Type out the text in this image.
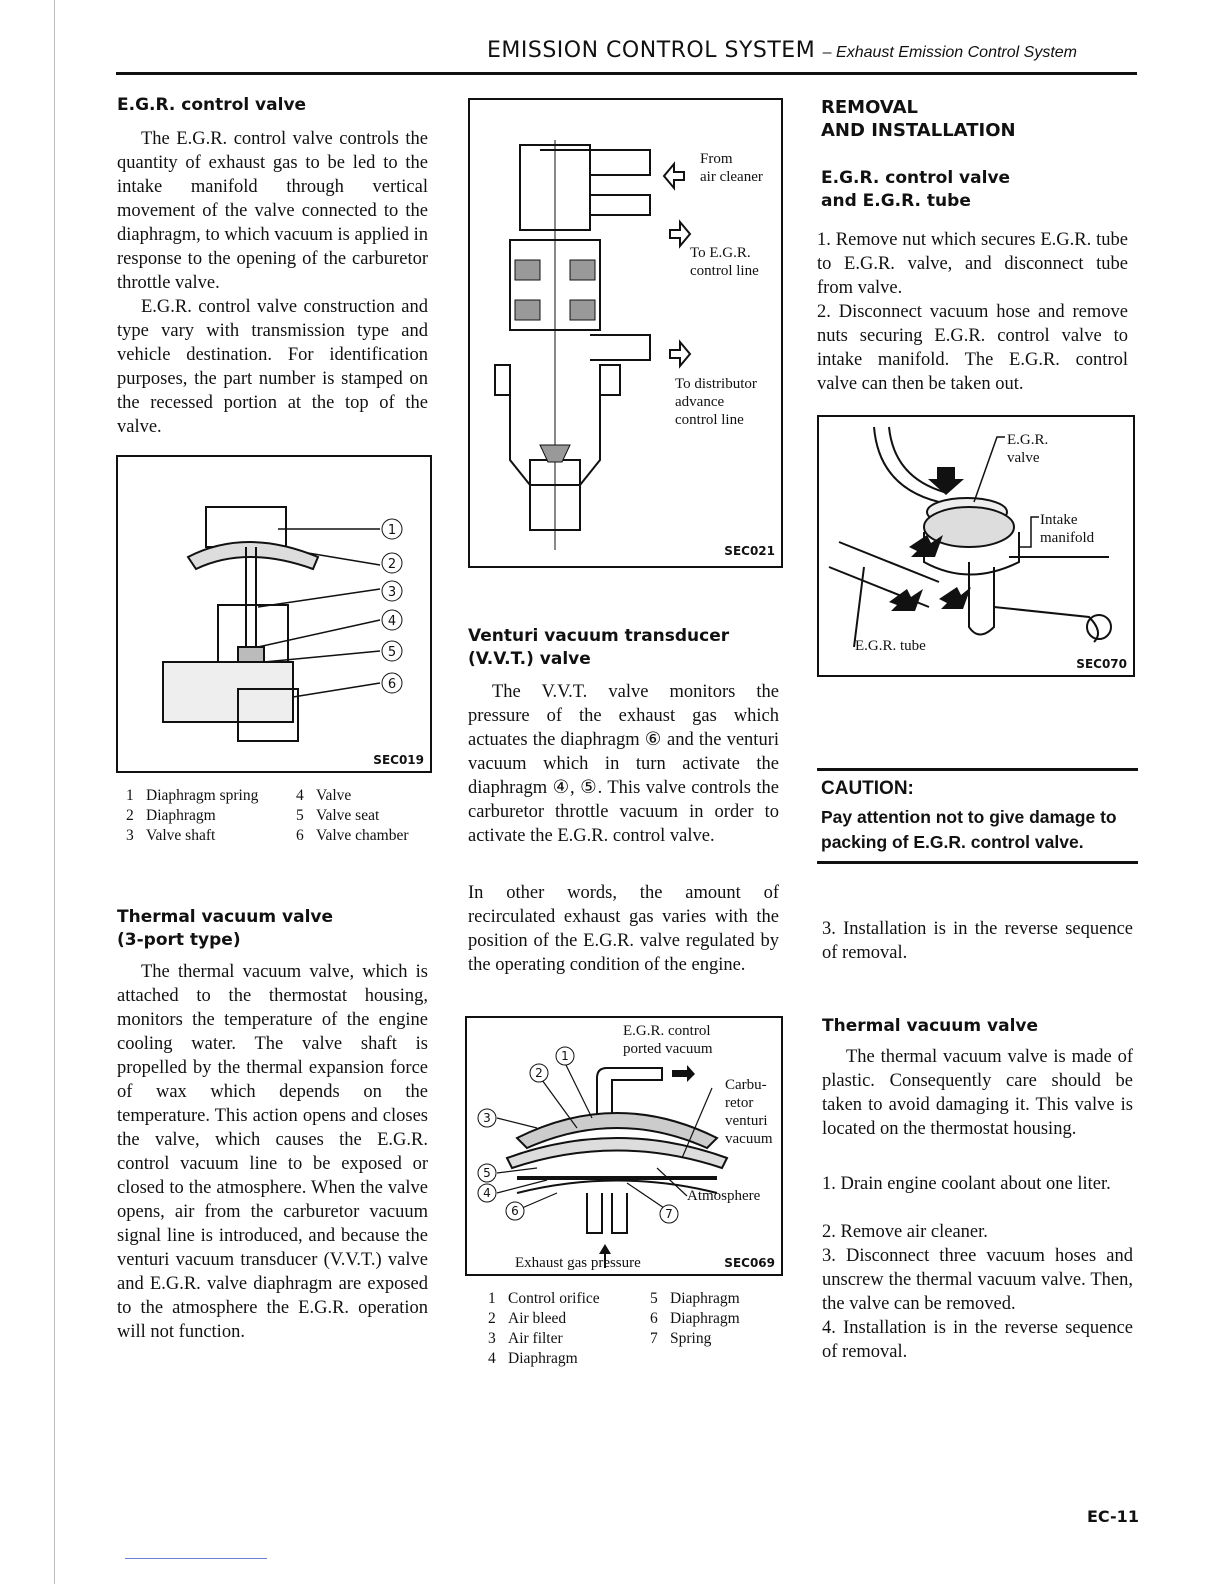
EMISSION CONTROL SYSTEM – Exhaust Emission Control System
E.G.R. control valve
The E.G.R. control valve controls the quantity of exhaust gas to be led to the intake manifold through vertical movement of the valve connected to the diaphragm, to which vacuum is applied in response to the opening of the carburetor throttle valve.
E.G.R. control valve construction and type vary with transmission type and vehicle destination. For identification purposes, the part number is stamped on the recessed portion at the top of the valve.
1
2
3
4
5
6
SEC019
1 Diaphragm spring	4 Valve
2 Diaphragm	5 Valve seat
3 Valve shaft	6 Valve chamber
Thermal vacuum valve
(3-port type)
The thermal vacuum valve, which is attached to the thermostat housing, monitors the temperature of the engine cooling water. The valve shaft is propelled by the thermal expansion force of wax which depends on the temperature. This action opens and closes the valve, which causes the E.G.R. control vacuum line to be exposed or closed to the atmosphere. When the valve opens, air from the carburetor vacuum signal line is introduced, and because the venturi vacuum transducer (V.V.T.) valve and E.G.R. valve diaphragm are exposed to the atmosphere the E.G.R. operation will not function.
From
air cleaner
To E.G.R.
control line
To distributor
advance
control line
SEC021
Venturi vacuum transducer
(V.V.T.) valve
The V.V.T. valve monitors the pressure of the exhaust gas which actuates the diaphragm ⑥ and the venturi vacuum which in turn activate the diaphragm ④, ⑤. This valve controls the carburetor throttle vacuum in order to activate the E.G.R. control valve.
In other words, the amount of recirculated exhaust gas varies with the position of the E.G.R. valve regulated by the operating condition of the engine.
1
2
3
4
5
6	7
E.G.R. control
ported vacuum
Carbu-
retor
venturi
vacuum
Atmosphere
Exhaust gas pressure	SEC069
1 Control orifice	5 Diaphragm
2 Air bleed	6 Diaphragm
3 Air filter	7 Spring
4 Diaphragm
REMOVAL
AND INSTALLATION
E.G.R. control valve
and E.G.R. tube
1. Remove nut which secures E.G.R. tube to E.G.R. valve, and disconnect tube from valve.
2. Disconnect vacuum hose and remove nuts securing E.G.R. control valve to intake manifold. The E.G.R. control valve can then be taken out.
E.G.R.
valve
Intake
manifold
E.G.R. tube
SEC070
CAUTION:
Pay attention not to give damage to packing of E.G.R. control valve.
3. Installation is in the reverse sequence of removal.
Thermal vacuum valve
The thermal vacuum valve is made of plastic. Consequently care should be taken to avoid damaging it. This valve is located on the thermostat housing.
1. Drain engine coolant about one liter.
2. Remove air cleaner.
3. Disconnect three vacuum hoses and unscrew the thermal vacuum valve. Then, the valve can be removed.
4. Installation is in the reverse sequence of removal.
EC-11
